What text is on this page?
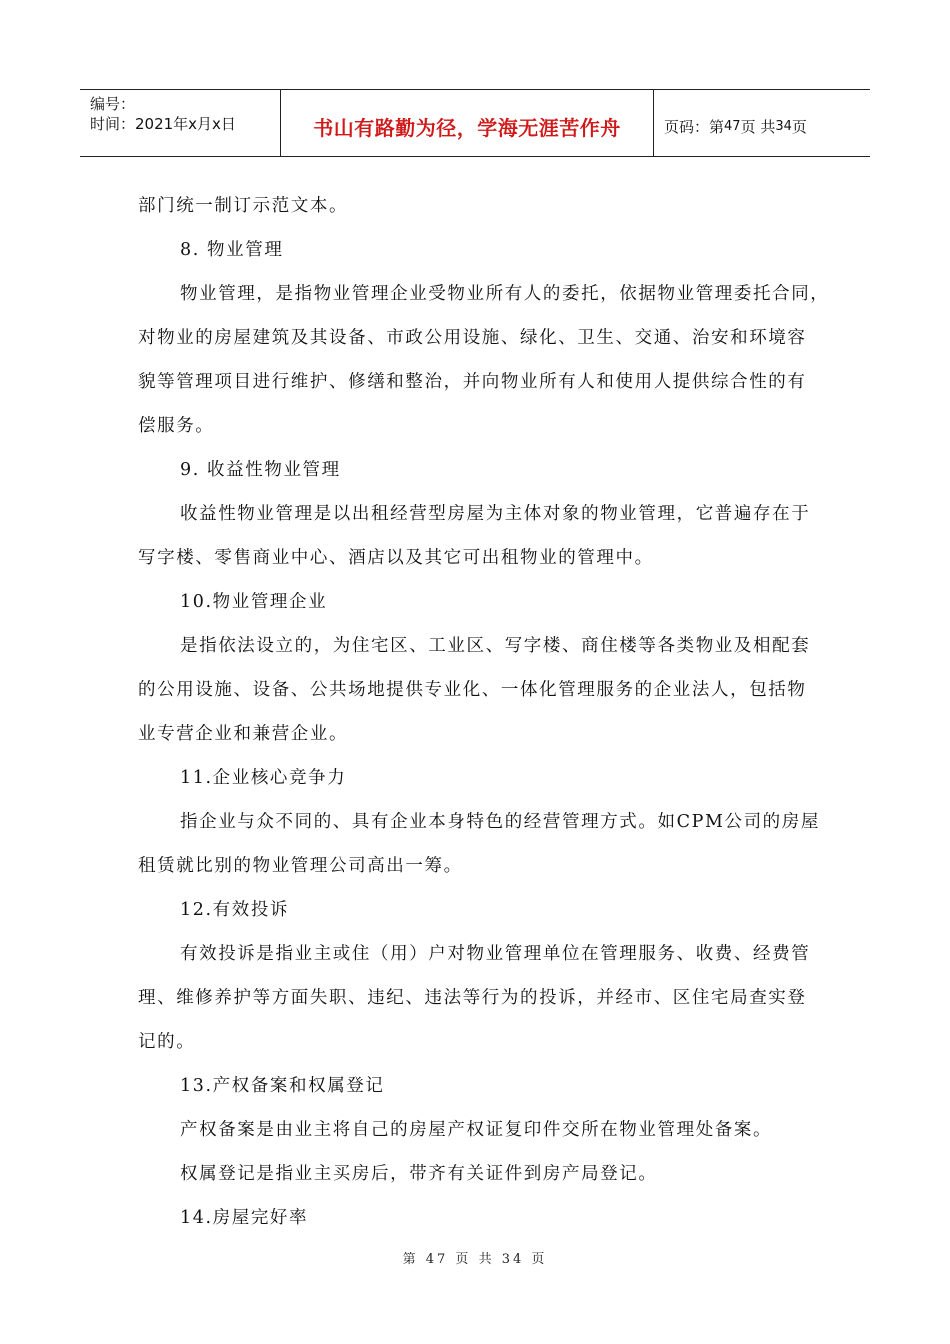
编号：
时间：2021年x月x日	书山有路勤为径，学海无涯苦作舟	页码：第 47 页 共 34 页

部门统一制订示范文本。

8. 物业管理

物业管理，是指物业管理企业受物业所有人的委托，依据物业管理委托合同，

对物业的房屋建筑及其设备、市政公用设施、绿化、卫生、交通、治安和环境容

貌等管理项目进行维护、修缮和整治，并向物业所有人和使用人提供综合性的有

偿服务。

9. 收益性物业管理

收益性物业管理是以出租经营型房屋为主体对象的物业管理，它普遍存在于

写字楼、零售商业中心、酒店以及其它可出租物业的管理中。

10.物业管理企业

是指依法设立的，为住宅区、工业区、写字楼、商住楼等各类物业及相配套

的公用设施、设备、公共场地提供专业化、一体化管理服务的企业法人，包括物

业专营企业和兼营企业。

11.企业核心竞争力

指企业与众不同的、具有企业本身特色的经营管理方式。如CPM公司的房屋

租赁就比别的物业管理公司高出一筹。

12.有效投诉

有效投诉是指业主或住（用）户对物业管理单位在管理服务、收费、经费管

理、维修养护等方面失职、违纪、违法等行为的投诉，并经市、区住宅局查实登

记的。

13.产权备案和权属登记

产权备案是由业主将自己的房屋产权证复印件交所在物业管理处备案。

权属登记是指业主买房后，带齐有关证件到房产局登记。

14.房屋完好率

第 47 页 共 34 页
